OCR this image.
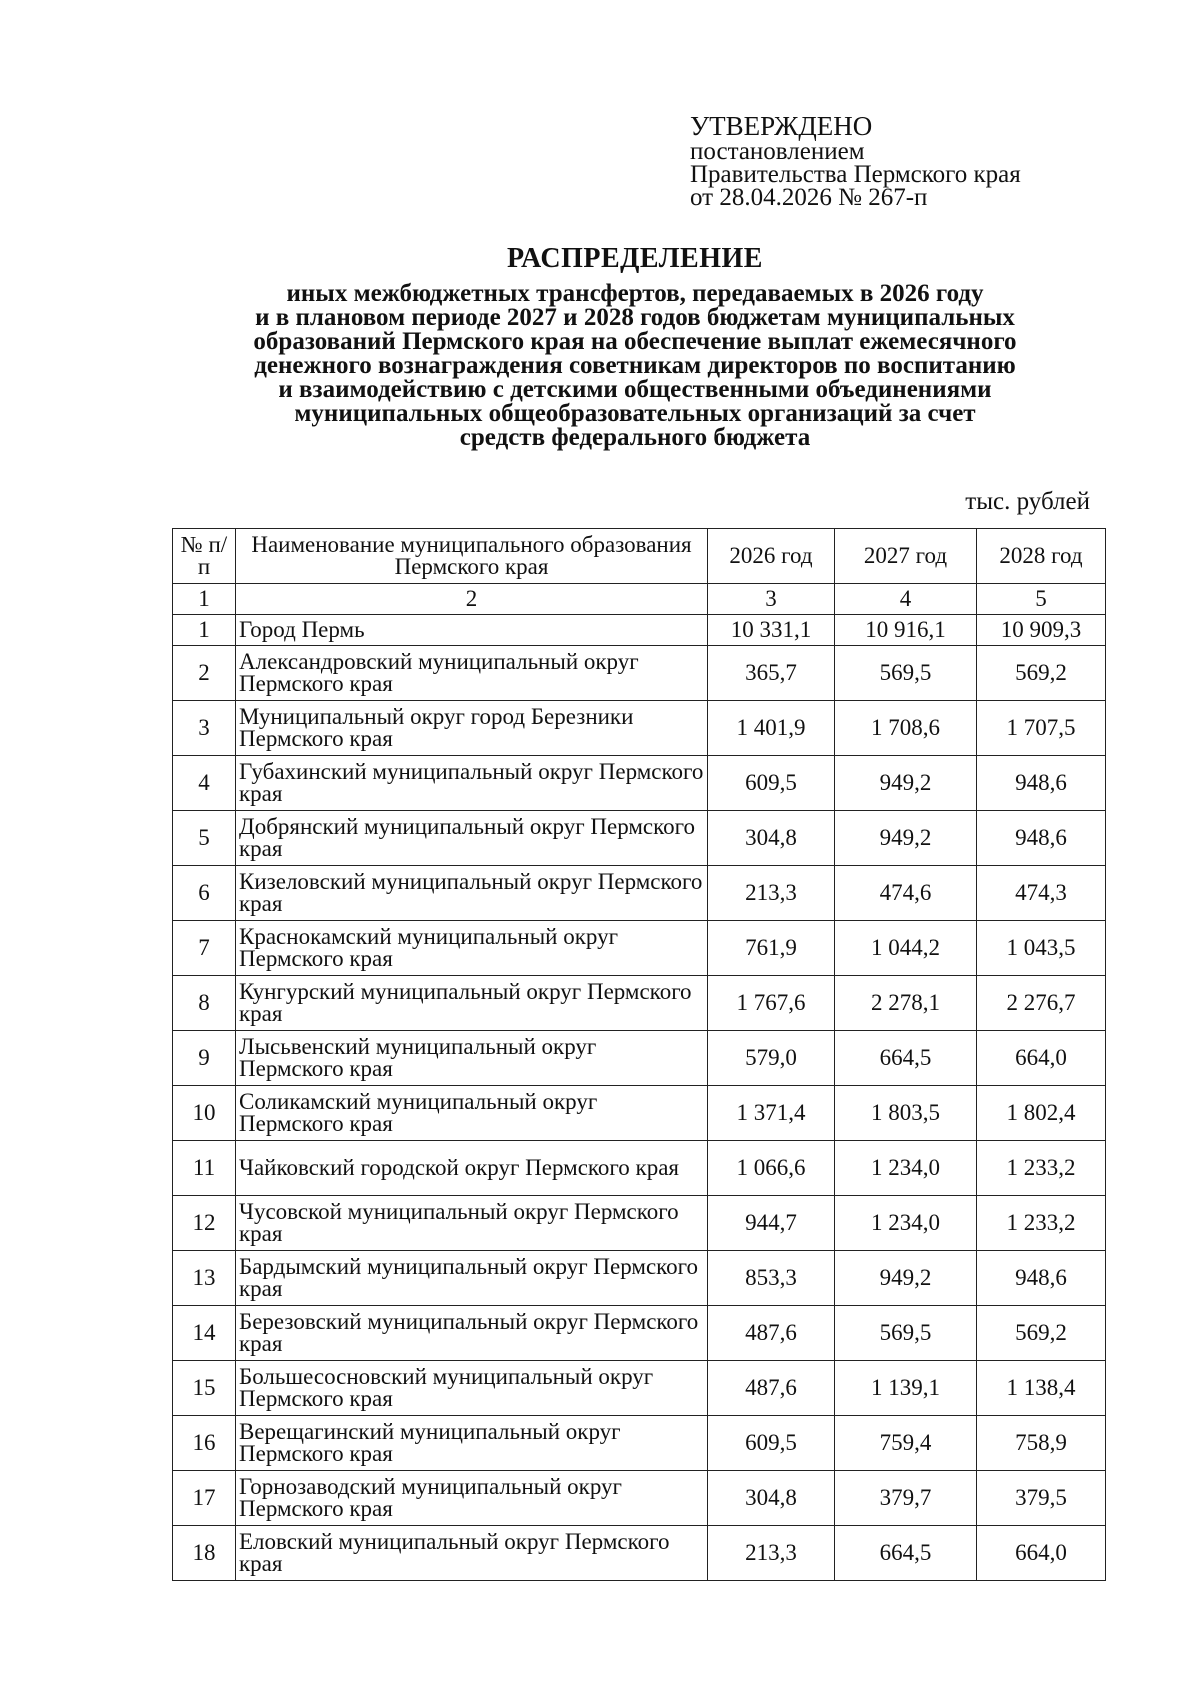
УТВЕРЖДЕНО
постановлением
Правительства Пермского края
от 28.04.2026 № 267-п
РАСПРЕДЕЛЕНИЕ
иных межбюджетных трансфертов, передаваемых в 2026 году
и в плановом периоде 2027 и 2028 годов бюджетам муниципальных
образований Пермского края на обеспечение выплат ежемесячного
денежного вознаграждения советникам директоров по воспитанию
и взаимодействию с детскими общественными объединениями
муниципальных общеобразовательных организаций за счет
средств федерального бюджета
тыс. рублей
№ п/п	Наименование муниципального образования Пермского края	2026 год	2027 год	2028 год
1	2	3	4	5
1	Город Пермь	10 331,1	10 916,1	10 909,3
2	Александровский муниципальный округ Пермского края	365,7	569,5	569,2
3	Муниципальный округ город Березники Пермского края	1 401,9	1 708,6	1 707,5
4	Губахинский муниципальный округ Пермского края	609,5	949,2	948,6
5	Добрянский муниципальный округ Пермского края	304,8	949,2	948,6
6	Кизеловский муниципальный округ Пермского края	213,3	474,6	474,3
7	Краснокамский муниципальный округ Пермского края	761,9	1 044,2	1 043,5
8	Кунгурский муниципальный округ Пермского края	1 767,6	2 278,1	2 276,7
9	Лысьвенский муниципальный округ Пермского края	579,0	664,5	664,0
10	Соликамский муниципальный округ Пермского края	1 371,4	1 803,5	1 802,4
11	Чайковский городской округ Пермского края	1 066,6	1 234,0	1 233,2
12	Чусовской муниципальный округ Пермского края	944,7	1 234,0	1 233,2
13	Бардымский муниципальный округ Пермского края	853,3	949,2	948,6
14	Березовский муниципальный округ Пермского края	487,6	569,5	569,2
15	Большесосновский муниципальный округ Пермского края	487,6	1 139,1	1 138,4
16	Верещагинский муниципальный округ Пермского края	609,5	759,4	758,9
17	Горнозаводский муниципальный округ Пермского края	304,8	379,7	379,5
18	Еловский муниципальный округ Пермского края	213,3	664,5	664,0
